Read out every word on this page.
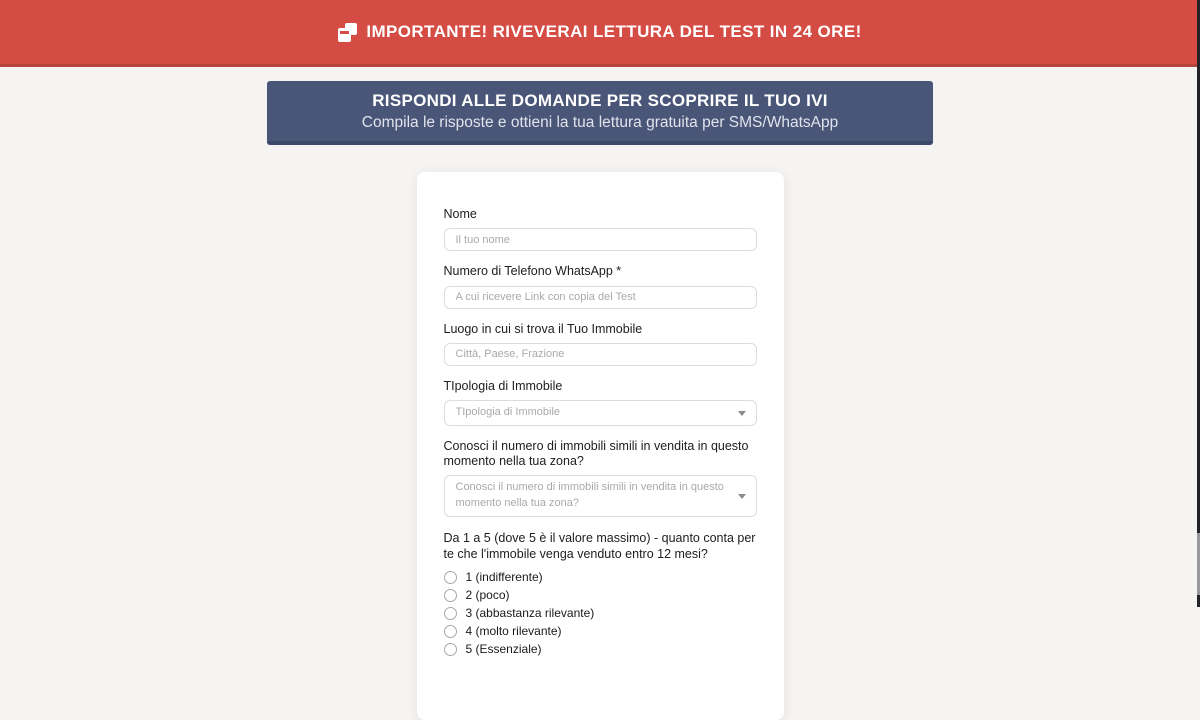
IMPORTANTE! RIVEVERAI LETTURA DEL TEST IN 24 ORE!
RISPONDI ALLE DOMANDE PER SCOPRIRE IL TUO IVI
Compila le risposte e ottieni la tua lettura gratuita per SMS/WhatsApp
Nome
Il tuo nome
Numero di Telefono WhatsApp *
A cui ricevere Link con copia del Test
Luogo in cui si trova il Tuo Immobile
Città, Paese, Frazione
TIpologia di Immobile
TIpologia di Immobile
Conosci il numero di immobili simili in vendita in questo momento nella tua zona?
Conosci il numero di immobili simili in vendita in questo momento nella tua zona?
Da 1 a 5 (dove 5 è il valore massimo) - quanto conta per te che l'immobile venga venduto entro 12 mesi?
1 (indifferente)
2 (poco)
3 (abbastanza rilevante)
4 (molto rilevante)
5 (Essenziale)
